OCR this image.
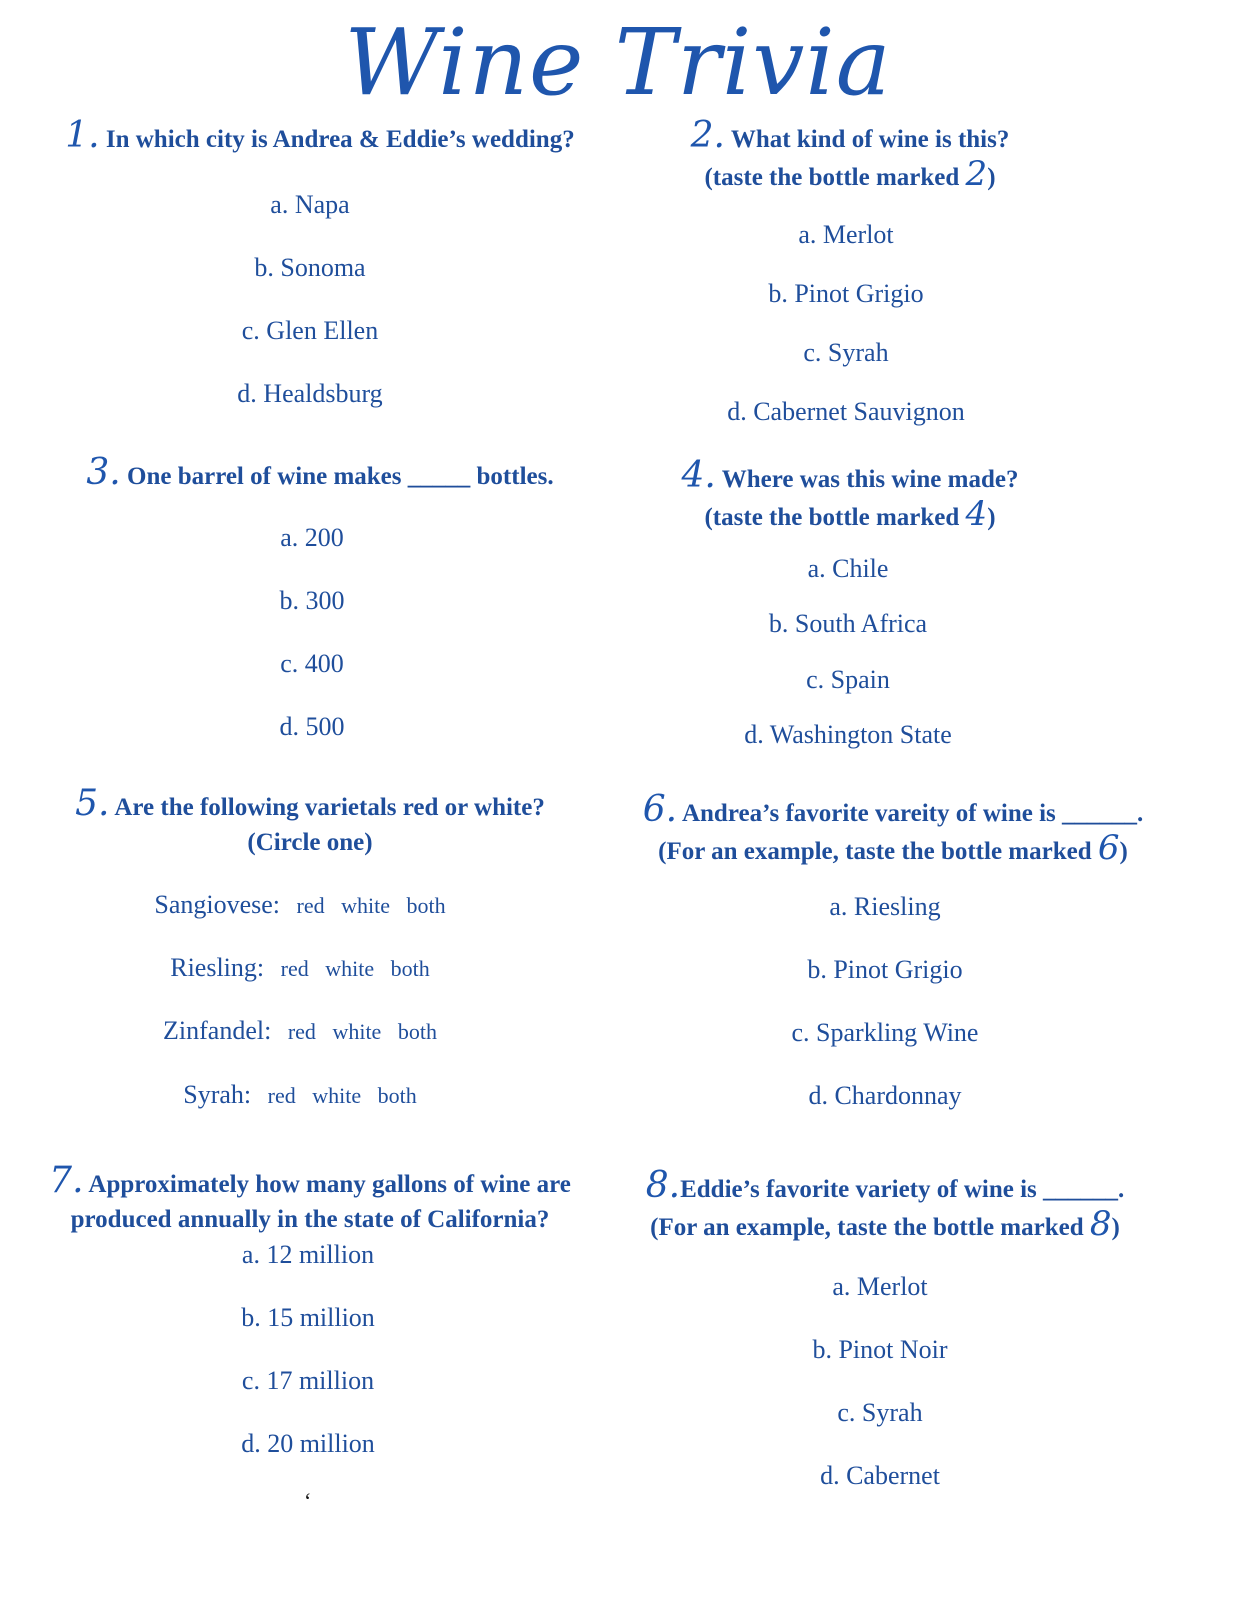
Wine Trivia
1. In which city is Andrea & Eddie’s wedding?
a. Napa
b. Sonoma
c. Glen Ellen
d. Healdsburg
2. What kind of wine is this?
(taste the bottle marked 2)
a. Merlot
b. Pinot Grigio
c. Syrah
d. Cabernet Sauvignon
3. One barrel of wine makes _____ bottles.
a. 200
b. 300
c. 400
d. 500
4. Where was this wine made?
(taste the bottle marked 4)
a. Chile
b. South Africa
c. Spain
d. Washington State
5. Are the following varietals red or white?
(Circle one)
Sangiovese: red white both
Riesling: red white both
Zinfandel: red white both
Syrah: red white both
6. Andrea’s favorite vareity of wine is ______.
(For an example, taste the bottle marked 6)
a. Riesling
b. Pinot Grigio
c. Sparkling Wine
d. Chardonnay
7. Approximately how many gallons of wine are
produced annually in the state of California?
a. 12 million
b. 15 million
c. 17 million
d. 20 million
8.Eddie’s favorite variety of wine is ______.
(For an example, taste the bottle marked 8)
a. Merlot
b. Pinot Noir
c. Syrah
d. Cabernet
‘
